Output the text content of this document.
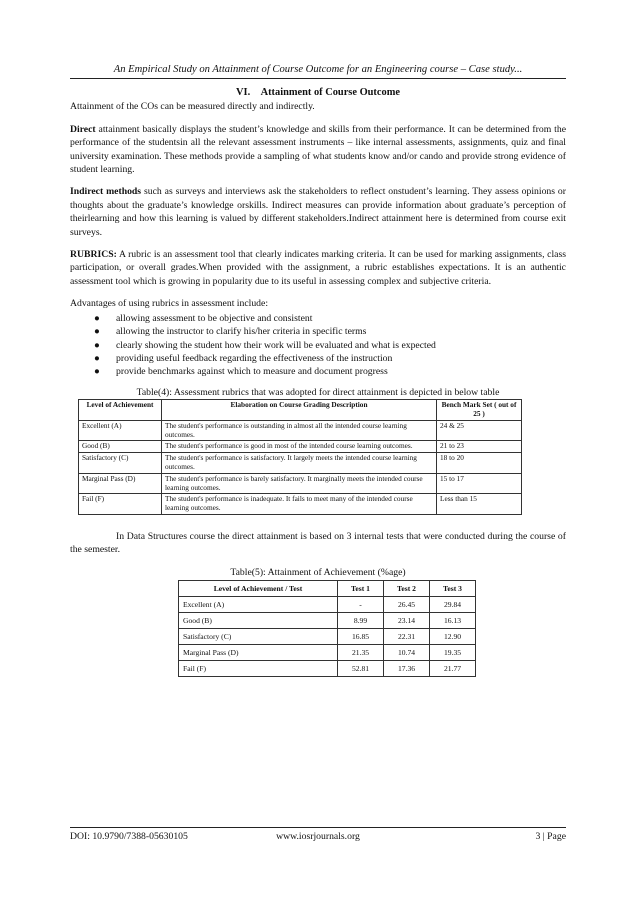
An Empirical Study on Attainment of Course Outcome for an Engineering course – Case study...
VI. Attainment of Course Outcome

Attainment of the COs can be measured directly and indirectly.

Direct attainment basically displays the student’s knowledge and skills from their performance. It can be determined from the performance of the studentsin all the relevant assessment instruments – like internal assessments, assignments, quiz and final university examination. These methods provide a sampling of what students know and/or cando and provide strong evidence of student learning.

Indirect methods such as surveys and interviews ask the stakeholders to reflect onstudent’s learning. They assess opinions or thoughts about the graduate’s knowledge orskills. Indirect measures can provide information about graduate’s perception of theirlearning and how this learning is valued by different stakeholders.Indirect attainment here is determined from course exit surveys.

RUBRICS: A rubric is an assessment tool that clearly indicates marking criteria. It can be used for marking assignments, class participation, or overall grades.When provided with the assignment, a rubric establishes expectations. It is an authentic assessment tool which is growing in popularity due to its useful in assessing complex and subjective criteria.

Advantages of using rubrics in assessment include:

● allowing assessment to be objective and consistent
● allowing the instructor to clarify his/her criteria in specific terms
● clearly showing the student how their work will be evaluated and what is expected
● providing useful feedback regarding the effectiveness of the instruction
● provide benchmarks against which to measure and document progress
Table(4): Assessment rubrics that was adopted for direct attainment is depicted in below table
Level of Achievement	Elaboration on Course Grading Description	Bench Mark Set ( out of 25 )
Excellent (A)	The student's performance is outstanding in almost all the intended course learning outcomes.	24 & 25
Good (B)	The student's performance is good in most of the intended course learning outcomes.	21 to 23
Satisfactory (C)	The student's performance is satisfactory. It largely meets the intended course learning outcomes.	18 to 20
Marginal Pass (D)	The student's performance is barely satisfactory. It marginally meets the intended course learning outcomes.	15 to 17
Fail (F)	The student's performance is inadequate. It fails to meet many of the intended course learning outcomes.	Less than 15

In Data Structures course the direct attainment is based on 3 internal tests that were conducted during the course of the semester.

Table(5): Attainment of Achievement (%age)
Level of Achievement / Test	Test 1	Test 2	Test 3
Excellent (A)	-	26.45	29.84
Good (B)	8.99	23.14	16.13
Satisfactory (C)	16.85	22.31	12.90
Marginal Pass (D)	21.35	10.74	19.35
Fail (F)	52.81	17.36	21.77
DOI: 10.9790/7388-05630105	www.iosrjournals.org	3 | Page
